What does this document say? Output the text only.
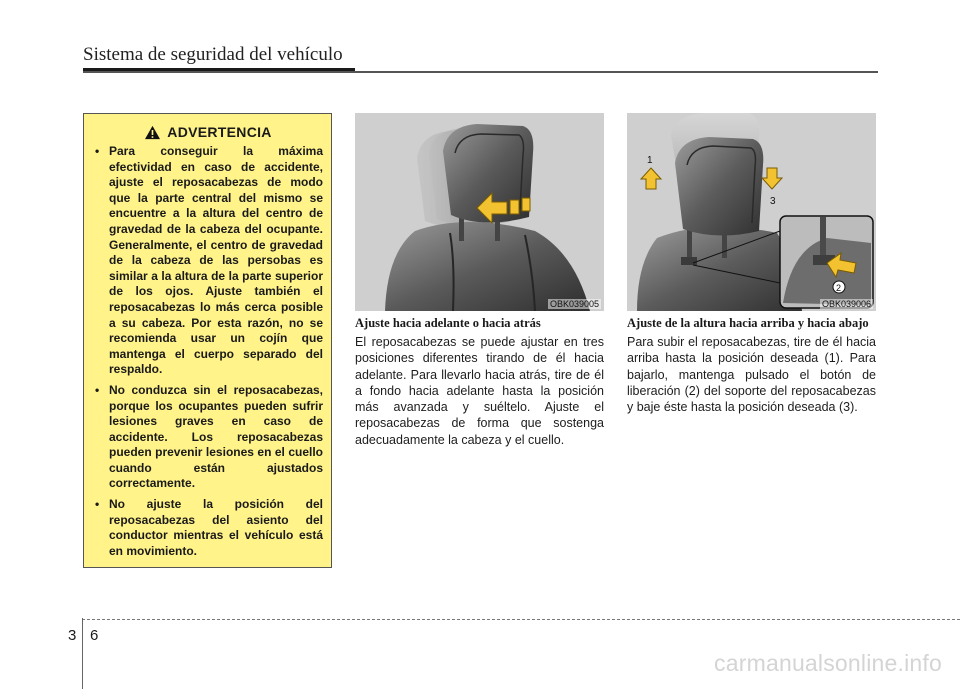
Sistema de seguridad del vehículo
ADVERTENCIA
• Para conseguir la máxima efectividad en caso de accidente, ajuste el reposacabezas de modo que la parte central del mismo se encuentre a la altura del centro de gravedad de la cabeza del ocupante. Generalmente, el centro de gravedad de la cabeza de las persobas es similar a la altura de la parte superior de los ojos. Ajuste también el reposacabezas lo más cerca posible a su cabeza. Por esta razón, no se recomienda usar un cojín que mantenga el cuerpo separado del respaldo.
• No conduzca sin el reposacabezas, porque los ocupantes pueden sufrir lesiones graves en caso de accidente. Los reposacabezas pueden prevenir lesiones en el cuello cuando están ajustados correctamente.
• No ajuste la posición del reposacabezas del asiento del conductor mientras el vehículo está en movimiento.
OBK039005
1
3
2
OBK039006
Ajuste hacia adelante o hacia atrás
El reposacabezas se puede ajustar en tres posiciones diferentes tirando de él hacia adelante. Para llevarlo hacia atrás, tire de él a fondo hacia adelante hasta la posición más avanzada y suéltelo. Ajuste el reposacabezas de forma que sostenga adecuadamente la cabeza y el cuello.
Ajuste de la altura hacia arriba y hacia abajo
Para subir el reposacabezas, tire de él hacia arriba hasta la posición deseada (1). Para bajarlo, mantenga pulsado el botón de liberación (2) del soporte del reposacabezas y baje éste hasta la posición deseada (3).
3 6
carmanualsonline.info
